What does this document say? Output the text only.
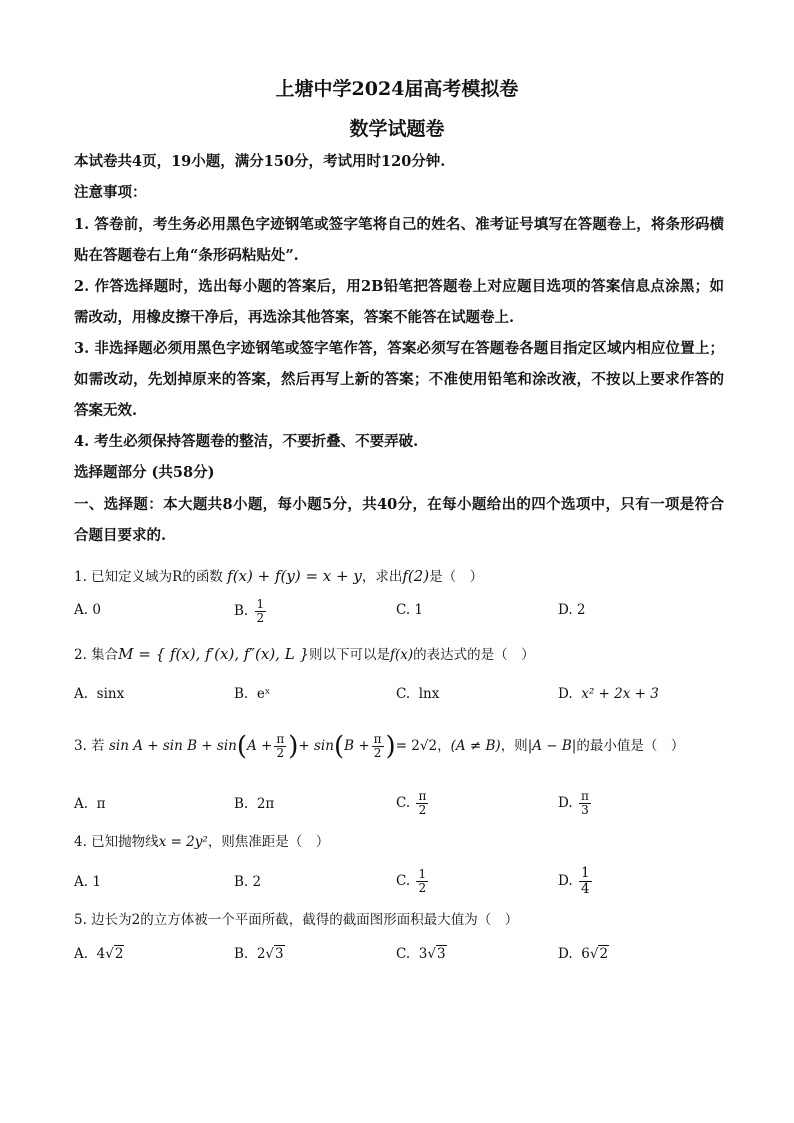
上塘中学2024届高考模拟卷
数学试题卷
本试卷共4页，19小题，满分150分，考试用时120分钟.
注意事项：
1. 答卷前，考生务必用黑色字迹钢笔或签字笔将自己的姓名、准考证号填写在答题卷上，将条形码横贴在答题卷右上角“条形码粘贴处”.
2. 作答选择题时，选出每小题的答案后，用2B铅笔把答题卷上对应题目选项的答案信息点涂黑；如需改动，用橡皮擦干净后，再选涂其他答案，答案不能答在试题卷上.
3. 非选择题必须用黑色字迹钢笔或签字笔作答，答案必须写在答题卷各题目指定区域内相应位置上；如需改动，先划掉原来的答案，然后再写上新的答案；不准使用铅笔和涂改液，不按以上要求作答的答案无效.
4. 考生必须保持答题卷的整洁，不要折叠、不要弄破.
选择题部分 (共58分)
一、选择题：本大题共8小题，每小题5分，共40分，在每小题给出的四个选项中，只有一项是符合　　合题目要求的.
1. 已知定义域为R的函数 f(x) + f(y) = x + y，求出f(2)是（　）
A. 0	B. $\frac{1}{2}$	C. 1	D. 2
2. 集合M = { f(x), f′(x), f″(x), L }则以下可以是f(x)的表达式的是（　）
A. sinx	B. eˣ	C. lnx	D. x² + 2x + 3
3. 若 $\sin A + \sin B + \sin(A + \frac{\pi}{2}$ )+ $\sin(B + \frac{\pi}{2}$ )= 2√2，(A ≠ B)，则|A − B|的最小值是（　）
A. π	B. 2π	C. $\frac{\pi}{2}$	D. $\frac{\pi}{3}$
4. 已知抛物线x = 2y²，则焦准距是（　）
A. 1	B. 2	C. $\frac{1}{2}$	D. $\frac{1}{4}$
5. 边长为2的立方体被一个平面所截，截得的截面图形面积最大值为（　）
A. 4√2	B. 2√3	C. 3√3	D. 6√2
